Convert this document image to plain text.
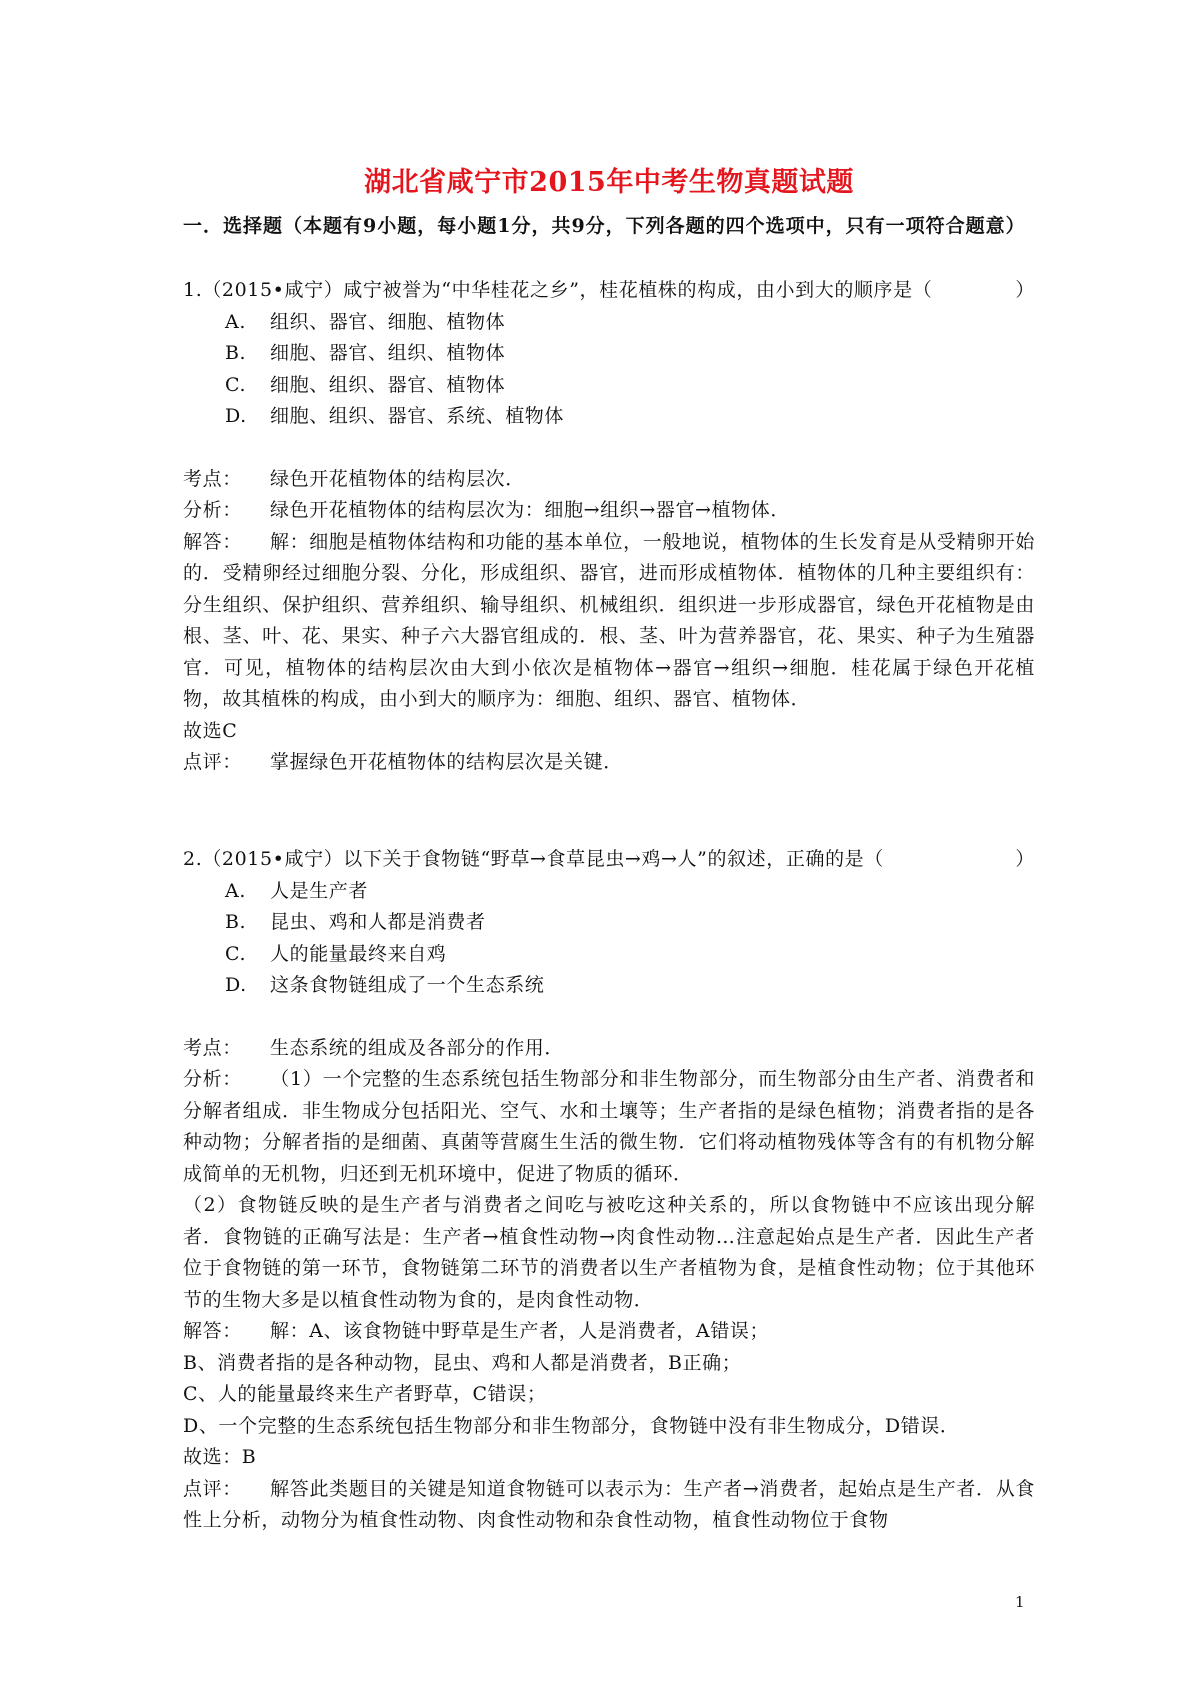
湖北省咸宁市2015年中考生物真题试题
一．选择题（本题有9小题，每小题1分，共9分，下列各题的四个选项中，只有一项符合题意）
1.（2015•咸宁）咸宁被誉为“中华桂花之乡”，桂花植株的构成，由小到大的顺序是（	）
A.	组织、器官、细胞、植物体
B.	细胞、器官、组织、植物体
C.	细胞、组织、器官、植物体
D.	细胞、组织、器官、系统、植物体
考点：	绿色开花植物体的结构层次．
分析：	绿色开花植物体的结构层次为：细胞→组织→器官→植物体．
解答： 解：细胞是植物体结构和功能的基本单位，一般地说，植物体的生长发育是从受精卵开始的．受精卵经过细胞分裂、分化，形成组织、器官，进而形成植物体．植物体的几种主要组织有：分生组织、保护组织、营养组织、输导组织、机械组织．组织进一步形成器官，绿色开花植物是由根、茎、叶、花、果实、种子六大器官组成的．根、茎、叶为营养器官，花、果实、种子为生殖器官．可见，植物体的结构层次由大到小依次是植物体→器官→组织→细胞．桂花属于绿色开花植物，故其植株的构成，由小到大的顺序为：细胞、组织、器官、植物体．
故选C
点评：	掌握绿色开花植物体的结构层次是关键．
2.（2015•咸宁）以下关于食物链“野草→食草昆虫→鸡→人”的叙述，正确的是（	）
A.	人是生产者
B.	昆虫、鸡和人都是消费者
C.	人的能量最终来自鸡
D.	这条食物链组成了一个生态系统
考点：	生态系统的组成及各部分的作用．
分析： （1）一个完整的生态系统包括生物部分和非生物部分，而生物部分由生产者、消费者和分解者组成．非生物成分包括阳光、空气、水和土壤等；生产者指的是绿色植物；消费者指的是各种动物；分解者指的是细菌、真菌等营腐生生活的微生物．它们将动植物残体等含有的有机物分解成简单的无机物，归还到无机环境中，促进了物质的循环．
（2）食物链反映的是生产者与消费者之间吃与被吃这种关系的，所以食物链中不应该出现分解者．食物链的正确写法是：生产者→植食性动物→肉食性动物…注意起始点是生产者．因此生产者位于食物链的第一环节，食物链第二环节的消费者以生产者植物为食，是植食性动物；位于其他环节的生物大多是以植食性动物为食的，是肉食性动物．
解答：	解：A、该食物链中野草是生产者，人是消费者，A错误；
B、消费者指的是各种动物，昆虫、鸡和人都是消费者，B正确；
C、人的能量最终来生产者野草，C错误；
D、一个完整的生态系统包括生物部分和非生物部分，食物链中没有非生物成分，D错误．
故选：B
点评： 解答此类题目的关键是知道食物链可以表示为：生产者→消费者，起始点是生产者．从食性上分析，动物分为植食性动物、肉食性动物和杂食性动物，植食性动物位于食物
1
